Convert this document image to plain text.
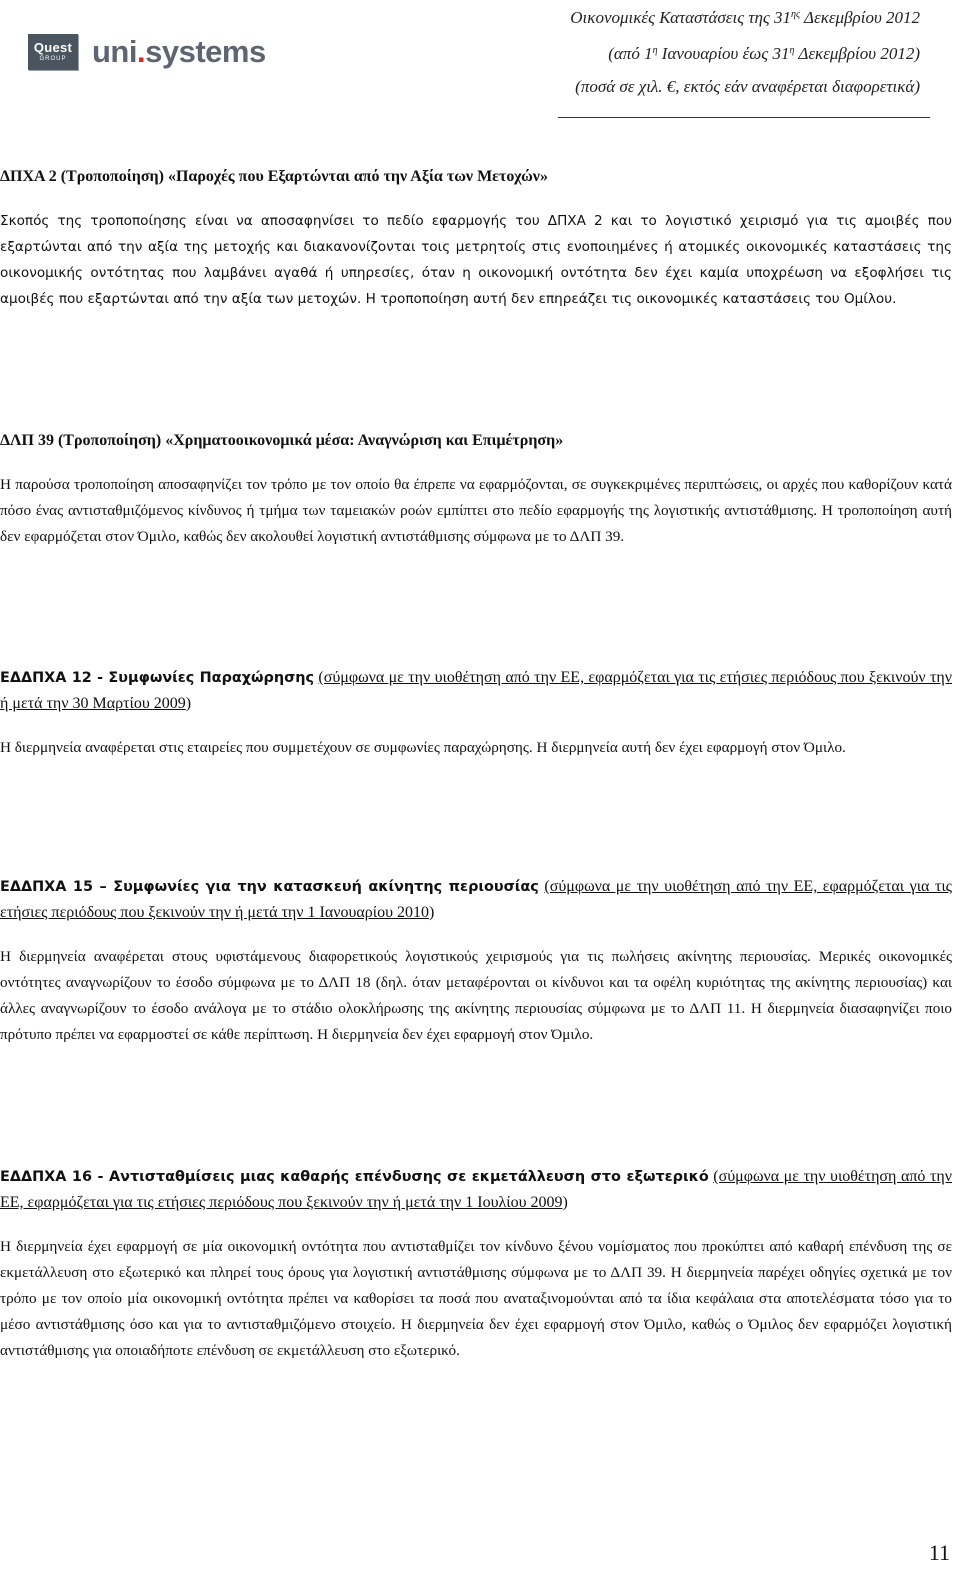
Quest
GROUP uni.systems
Οικονομικές Καταστάσεις της $31^{\eta\varsigma}$ Δεκεμβρίου 2012
(από $1^\eta$ Ιανουαρίου έως $31^\eta$ Δεκεμβρίου 2012)
(ποσά σε χιλ. €, εκτός εάν αναφέρεται διαφορετικά)
ΔΠΧΑ 2 (Τροποποίηση) «Παροχές που Εξαρτώνται από την Αξία των Μετοχών»

Σκοπός της τροποποίησης είναι να αποσαφηνίσει το πεδίο εφαρμογής του ΔΠΧΑ 2 και το λογιστικό χειρισμό για τις αμοιβές που εξαρτώνται από την αξία της μετοχής και διακανονίζονται τοις μετρητοίς στις ενοποιημένες ή ατομικές οικονομικές καταστάσεις της οικονομικής οντότητας που λαμβάνει αγαθά ή υπηρεσίες, όταν η οικονομική οντότητα δεν έχει καμία υποχρέωση να εξοφλήσει τις αμοιβές που εξαρτώνται από την αξία των μετοχών. Η τροποποίηση αυτή δεν επηρεάζει τις οικονομικές καταστάσεις του Ομίλου.

ΔΛΠ 39 (Τροποποίηση) «Χρηματοοικονομικά μέσα: Αναγνώριση και Επιμέτρηση»

Η παρούσα τροποποίηση αποσαφηνίζει τον τρόπο με τον οποίο θα έπρεπε να εφαρμόζονται, σε συγκεκριμένες περιπτώσεις, οι αρχές που καθορίζουν κατά πόσο ένας αντισταθμιζόμενος κίνδυνος ή τμήμα των ταμειακών ροών εμπίπτει στο πεδίο εφαρμογής της λογιστικής αντιστάθμισης. Η τροποποίηση αυτή δεν εφαρμόζεται στον Όμιλο, καθώς δεν ακολουθεί λογιστική αντιστάθμισης σύμφωνα με το ΔΛΠ 39.

ΕΔΔΠΧΑ 12 - Συμφωνίες Παραχώρησης (σύμφωνα με την υιοθέτηση από την ΕΕ, εφαρμόζεται για τις ετήσιες περιόδους που ξεκινούν την ή μετά την 30 Μαρτίου 2009)

Η διερμηνεία αναφέρεται στις εταιρείες που συμμετέχουν σε συμφωνίες παραχώρησης. Η διερμηνεία αυτή δεν έχει εφαρμογή στον Όμιλο.

ΕΔΔΠΧΑ 15 – Συμφωνίες για την κατασκευή ακίνητης περιουσίας (σύμφωνα με την υιοθέτηση από την ΕΕ, εφαρμόζεται για τις ετήσιες περιόδους που ξεκινούν την ή μετά την 1 Ιανουαρίου 2010)

Η διερμηνεία αναφέρεται στους υφιστάμενους διαφορετικούς λογιστικούς χειρισμούς για τις πωλήσεις ακίνητης περιουσίας. Μερικές οικονομικές οντότητες αναγνωρίζουν το έσοδο σύμφωνα με το ΔΛΠ 18 (δηλ. όταν μεταφέρονται οι κίνδυνοι και τα οφέλη κυριότητας της ακίνητης περιουσίας) και άλλες αναγνωρίζουν το έσοδο ανάλογα με το στάδιο ολοκλήρωσης της ακίνητης περιουσίας σύμφωνα με το ΔΛΠ 11. Η διερμηνεία διασαφηνίζει ποιο πρότυπο πρέπει να εφαρμοστεί σε κάθε περίπτωση. Η διερμηνεία δεν έχει εφαρμογή στον Όμιλο.

ΕΔΔΠΧΑ 16 - Αντισταθμίσεις μιας καθαρής επένδυσης σε εκμετάλλευση στο εξωτερικό (σύμφωνα με την υιοθέτηση από την ΕΕ, εφαρμόζεται για τις ετήσιες περιόδους που ξεκινούν την ή μετά την 1 Ιουλίου 2009)

Η διερμηνεία έχει εφαρμογή σε μία οικονομική οντότητα που αντισταθμίζει τον κίνδυνο ξένου νομίσματος που προκύπτει από καθαρή επένδυση της σε εκμετάλλευση στο εξωτερικό και πληρεί τους όρους για λογιστική αντιστάθμισης σύμφωνα με το ΔΛΠ 39. Η διερμηνεία παρέχει οδηγίες σχετικά με τον τρόπο με τον οποίο μία οικονομική οντότητα πρέπει να καθορίσει τα ποσά που αναταξινομούνται από τα ίδια κεφάλαια στα αποτελέσματα τόσο για το μέσο αντιστάθμισης όσο και για το αντισταθμιζόμενο στοιχείο. Η διερμηνεία δεν έχει εφαρμογή στον Όμιλο, καθώς ο Όμιλος δεν εφαρμόζει λογιστική αντιστάθμισης για οποιαδήποτε επένδυση σε εκμετάλλευση στο εξωτερικό.

11
